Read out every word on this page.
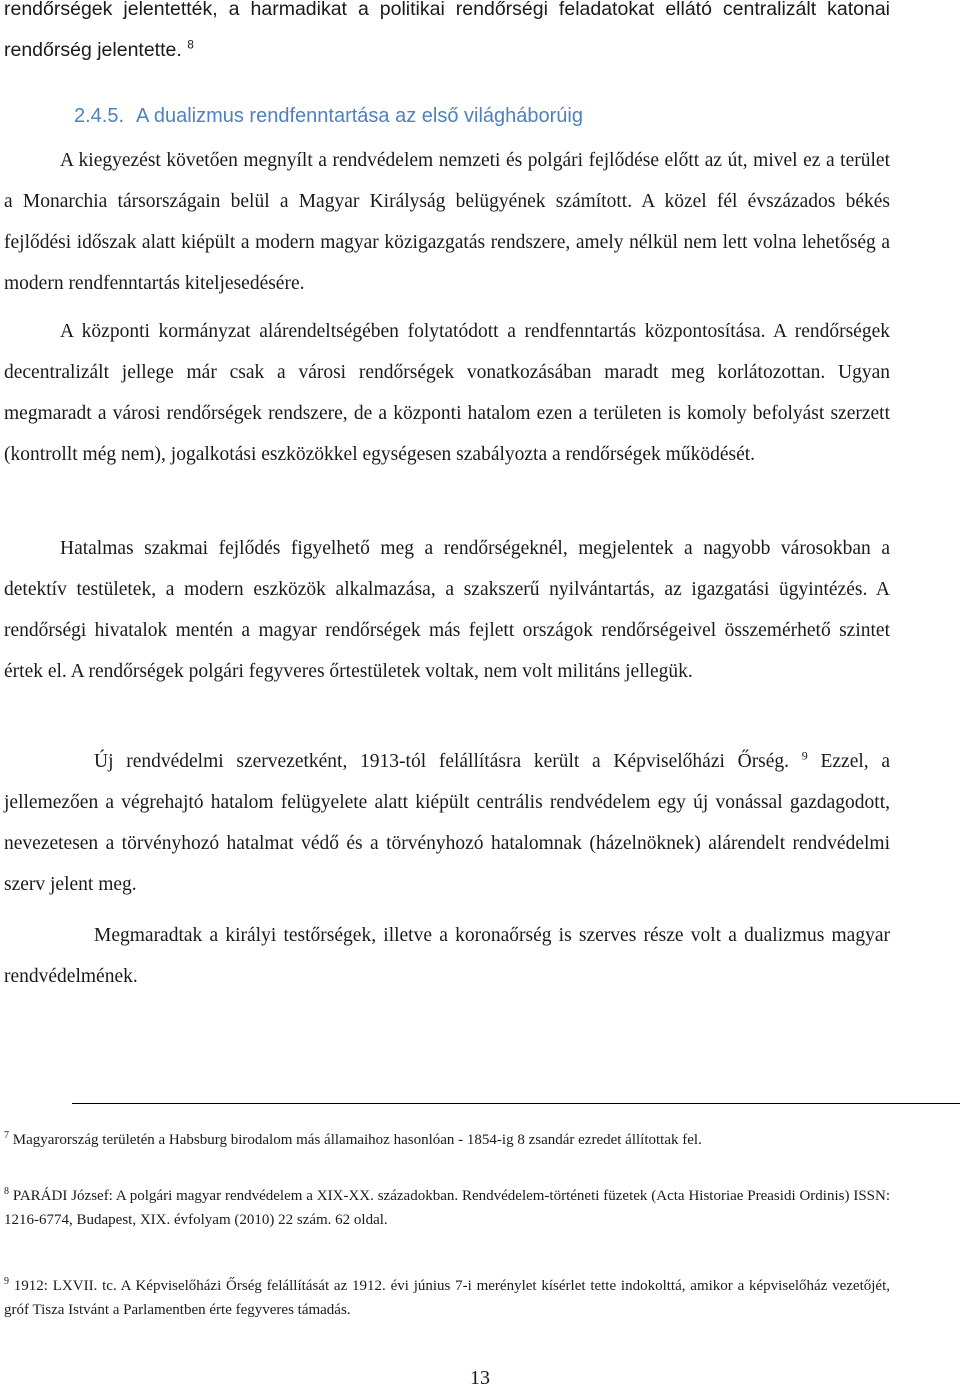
rendőrségek jelentették, a harmadikat a politikai rendőrségi feladatokat ellátó centralizált katonai rendőrség jelentette. $^8$

2.4.5. A dualizmus rendfenntartása az első világháborúig

A kiegyezést követően megnyílt a rendvédelem nemzeti és polgári fejlődése előtt az út, mivel ez a terület a Monarchia társországain belül a Magyar Királyság belügyének számított. A közel fél évszázados békés fejlődési időszak alatt kiépült a modern magyar közigazgatás rendszere, amely nélkül nem lett volna lehetőség a modern rendfenntartás kiteljesedésére.

A központi kormányzat alárendeltségében folytatódott a rendfenntartás központosítása. A rendőrségek decentralizált jellege már csak a városi rendőrségek vonatkozásában maradt meg korlátozottan. Ugyan megmaradt a városi rendőrségek rendszere, de a központi hatalom ezen a területen is komoly befolyást szerzett (kontrollt még nem), jogalkotási eszközökkel egységesen szabályozta a rendőrségek működését.

Hatalmas szakmai fejlődés figyelhető meg a rendőrségeknél, megjelentek a nagyobb városokban a detektív testületek, a modern eszközök alkalmazása, a szakszerű nyilvántartás, az igazgatási ügyintézés. A rendőrségi hivatalok mentén a magyar rendőrségek más fejlett országok rendőrségeivel összemérhető szintet értek el. A rendőrségek polgári fegyveres őrtestületek voltak, nem volt militáns jellegük.

Új rendvédelmi szervezetként, 1913-tól felállításra került a Képviselőházi Őrség. $^9$ Ezzel, a jellemezően a végrehajtó hatalom felügyelete alatt kiépült centrális rendvédelem egy új vonással gazdagodott, nevezetesen a törvényhozó hatalmat védő és a törvényhozó hatalomnak (házelnöknek) alárendelt rendvédelmi szerv jelent meg.

Megmaradtak a királyi testőrségek, illetve a koronaőrség is szerves része volt a dualizmus magyar rendvédelmének.

$^7$ Magyarország területén a Habsburg birodalom más államaihoz hasonlóan - 1854-ig 8 zsandár ezredet állítottak fel.

$^8$ PARÁDI József: A polgári magyar rendvédelem a XIX-XX. századokban. Rendvédelem-történeti füzetek (Acta Historiae Preasidi Ordinis) ISSN: 1216-6774, Budapest, XIX. évfolyam (2010) 22 szám. 62 oldal.

$^9$ 1912: LXVII. tc. A Képviselőházi Őrség felállítását az 1912. évi június 7-i merénylet kísérlet tette indokolttá, amikor a képviselőház vezetőjét, gróf Tisza Istvánt a Parlamentben érte fegyveres támadás.

13
